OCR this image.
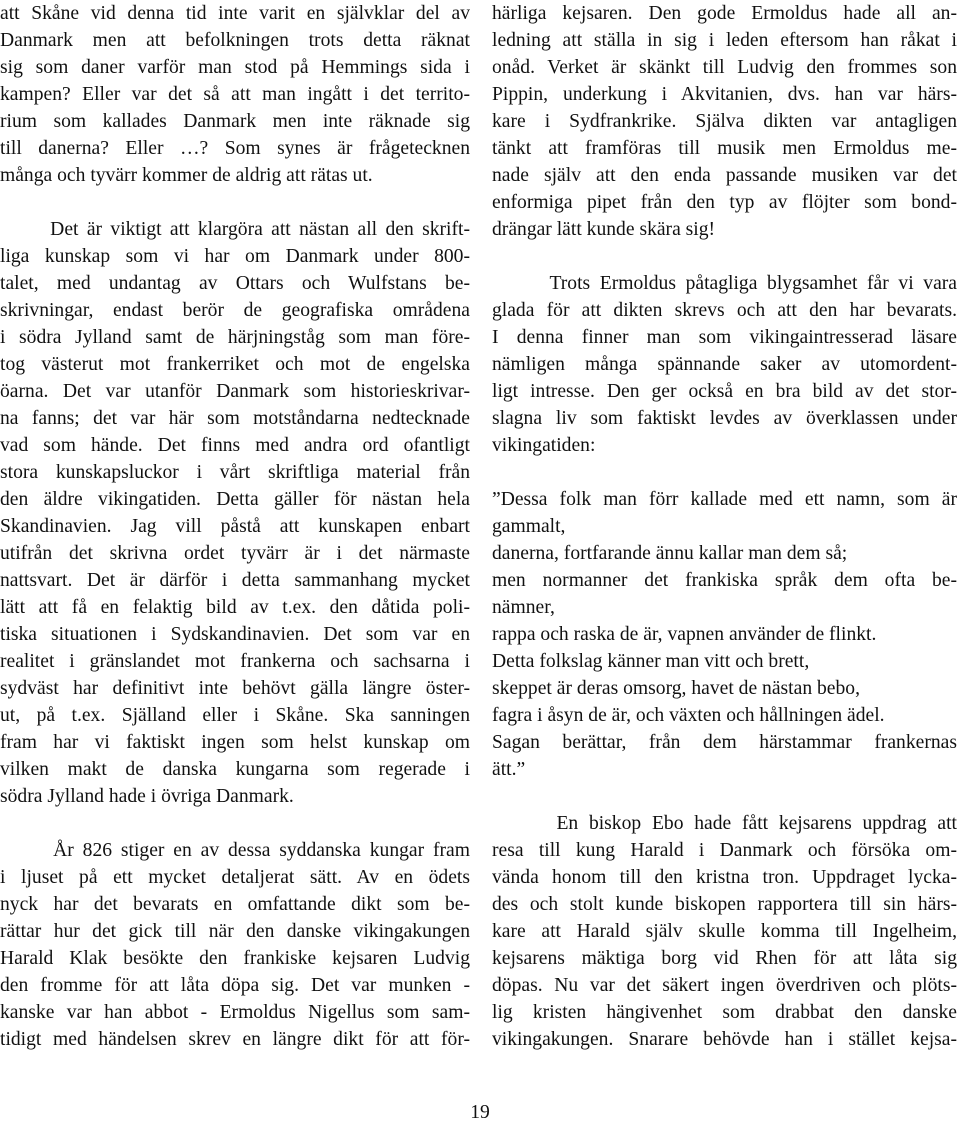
att Skåne vid denna tid inte varit en självklar del av
Danmark men att befolkningen trots detta räknat
sig som daner varför man stod på Hemmings sida i
kampen? Eller var det så att man ingått i det territo-
rium som kallades Danmark men inte räknade sig
till danerna? Eller …? Som synes är frågetecknen
många och tyvärr kommer de aldrig att rätas ut.
Det är viktigt att klargöra att nästan all den skrift-
liga kunskap som vi har om Danmark under 800-
talet, med undantag av Ottars och Wulfstans be-
skrivningar, endast berör de geografiska områdena
i södra Jylland samt de härjningståg som man före-
tog västerut mot frankerriket och mot de engelska
öarna. Det var utanför Danmark som historieskrivar-
na fanns; det var här som motståndarna nedtecknade
vad som hände. Det finns med andra ord ofantligt
stora kunskapsluckor i vårt skriftliga material från
den äldre vikingatiden. Detta gäller för nästan hela
Skandinavien. Jag vill påstå att kunskapen enbart
utifrån det skrivna ordet tyvärr är i det närmaste
nattsvart. Det är därför i detta sammanhang mycket
lätt att få en felaktig bild av t.ex. den dåtida poli-
tiska situationen i Sydskandinavien. Det som var en
realitet i gränslandet mot frankerna och sachsarna i
sydväst har definitivt inte behövt gälla längre öster-
ut, på t.ex. Själland eller i Skåne. Ska sanningen
fram har vi faktiskt ingen som helst kunskap om
vilken makt de danska kungarna som regerade i
södra Jylland hade i övriga Danmark.
År 826 stiger en av dessa syddanska kungar fram
i ljuset på ett mycket detaljerat sätt. Av en ödets
nyck har det bevarats en omfattande dikt som be-
rättar hur det gick till när den danske vikingakungen
Harald Klak besökte den frankiske kejsaren Ludvig
den fromme för att låta döpa sig. Det var munken -
kanske var han abbot - Ermoldus Nigellus som sam-
tidigt med händelsen skrev en längre dikt för att för-
härliga kejsaren. Den gode Ermoldus hade all an-
ledning att ställa in sig i leden eftersom han råkat i
onåd. Verket är skänkt till Ludvig den frommes son
Pippin, underkung i Akvitanien, dvs. han var härs-
kare i Sydfrankrike. Själva dikten var antagligen
tänkt att framföras till musik men Ermoldus me-
nade själv att den enda passande musiken var det
enformiga pipet från den typ av flöjter som bond-
drängar lätt kunde skära sig!
Trots Ermoldus påtagliga blygsamhet får vi vara
glada för att dikten skrevs och att den har bevarats.
I denna finner man som vikingaintresserad läsare
nämligen många spännande saker av utomordent-
ligt intresse. Den ger också en bra bild av det stor-
slagna liv som faktiskt levdes av överklassen under
vikingatiden:
”Dessa folk man förr kallade med ett namn, som är
gammalt,
danerna, fortfarande ännu kallar man dem så;
men normanner det frankiska språk dem ofta be-
nämner,
rappa och raska de är, vapnen använder de flinkt.
Detta folkslag känner man vitt och brett,
skeppet är deras omsorg, havet de nästan bebo,
fagra i åsyn de är, och växten och hållningen ädel.
Sagan berättar, från dem härstammar frankernas
ätt.”
En biskop Ebo hade fått kejsarens uppdrag att
resa till kung Harald i Danmark och försöka om-
vända honom till den kristna tron. Uppdraget lycka-
des och stolt kunde biskopen rapportera till sin härs-
kare att Harald själv skulle komma till Ingelheim,
kejsarens mäktiga borg vid Rhen för att låta sig
döpas. Nu var det säkert ingen överdriven och plöts-
lig kristen hängivenhet som drabbat den danske
vikingakungen. Snarare behövde han i stället kejsa-
19
